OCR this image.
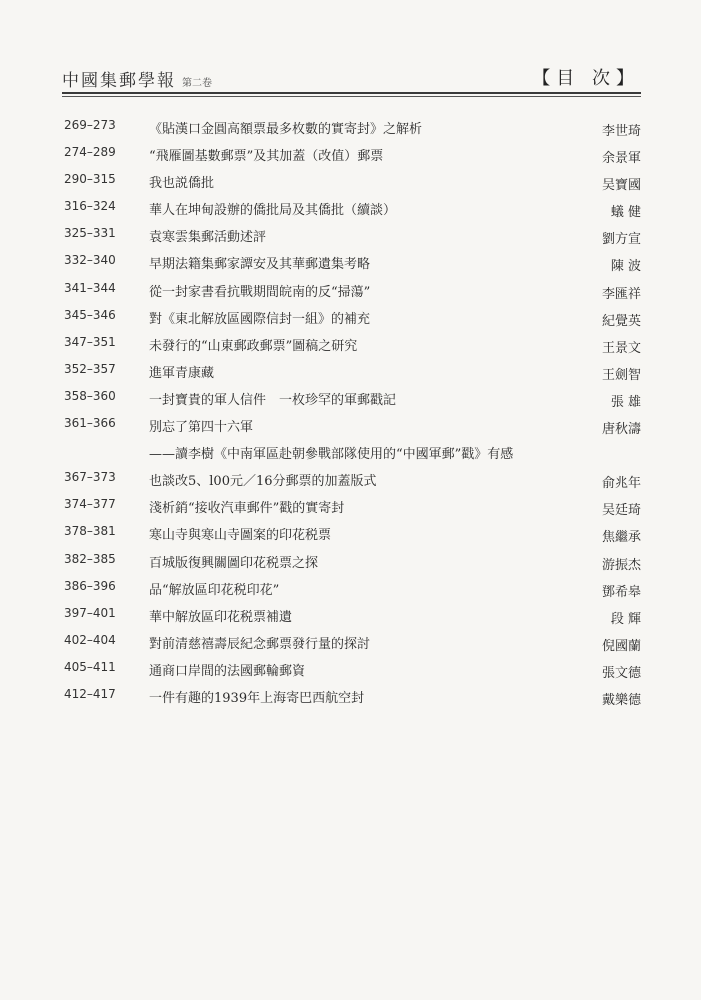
中國集郵學報 第二卷	【目 次】
269–273	《貼漢口金圓高額票最多枚數的實寄封》之解析	李世琦
274–289	“飛雁圖基數郵票”及其加蓋（改值）郵票	余景軍
290–315	我也説僑批	吴寶國
316–324	華人在坤甸設辦的僑批局及其僑批（續談）	蟻 健
325–331	袁寒雲集郵活動述評	劉方宣
332–340	早期法籍集郵家譚安及其華郵遺集考略	陳 波
341–344	從一封家書看抗戰期間皖南的反“掃蕩”	李匯祥
345–346	對《東北解放區國際信封一組》的補充	紀覺英
347–351	未發行的“山東郵政郵票”圖稿之研究	王景文
352–357	進軍青康藏	王劍智
358–360	一封寶貴的軍人信件　一枚珍罕的軍郵戳記	張 雄
361–366	別忘了第四十六軍	唐秋濤
——讀李樹《中南軍區赴朝參戰部隊使用的“中國軍郵”戳》有感
367–373	也談改5、l00元／16分郵票的加蓋版式	俞兆年
374–377	淺析銷“接收汽車郵件”戳的實寄封	吴廷琦
378–381	寒山寺與寒山寺圖案的印花税票	焦繼承
382–385	百城版復興關圖印花税票之探	游振杰
386–396	品“解放區印花税印花”	鄧希皋
397–401	華中解放區印花税票補遺	段 輝
402–404	對前清慈禧壽辰紀念郵票發行量的探討	倪國蘭
405–411	通商口岸間的法國郵輪郵資	張文德
412–417	一件有趣的1939年上海寄巴西航空封	戴樂德
